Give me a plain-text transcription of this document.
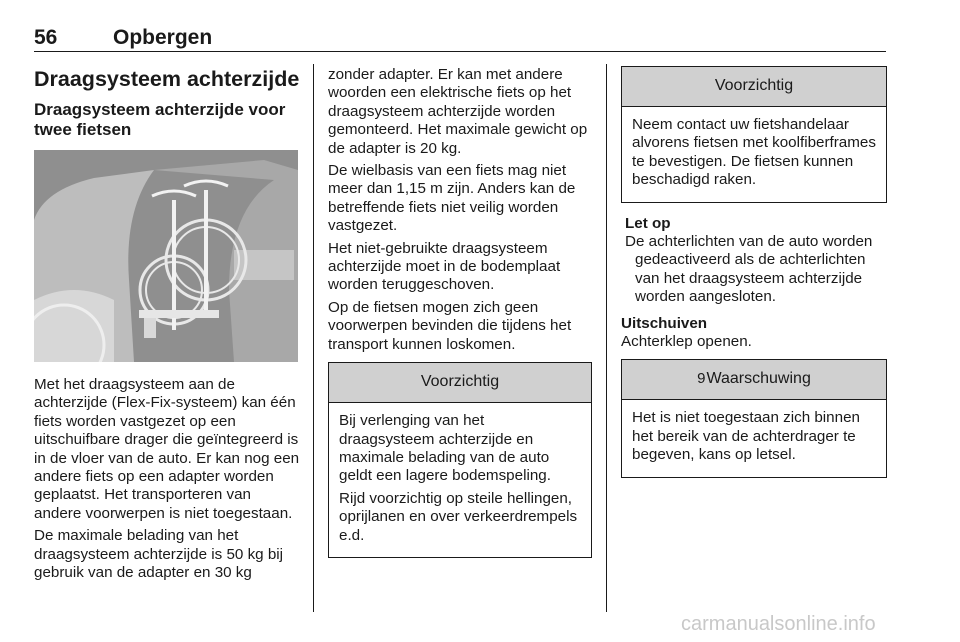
56	Opbergen
Draagsysteem achterzijde
Draagsysteem achterzijde voor
twee fietsen

Met het draagsysteem aan de achterzijde (Flex-Fix-systeem) kan één fiets worden vastgezet op een uitschuifbare drager die geïntegreerd is in de vloer van de auto. Er kan nog een andere fiets op een adapter worden geplaatst. Het transporteren van andere voorwerpen is niet toegestaan.

De maximale belading van het draagsysteem achterzijde is 50 kg bij gebruik van de adapter en 30 kg

zonder adapter. Er kan met andere woorden een elektrische fiets op het draagsysteem achterzijde worden gemonteerd. Het maximale gewicht op de adapter is 20 kg.

De wielbasis van een fiets mag niet meer dan 1,15 m zijn. Anders kan de betreffende fiets niet veilig worden vastgezet.

Het niet-gebruikte draagsysteem achterzijde moet in de bodemplaat worden teruggeschoven.

Op de fietsen mogen zich geen voorwerpen bevinden die tijdens het transport kunnen loskomen.

Voorzichtig

Bij verlenging van het draagsysteem achterzijde en maximale belading van de auto geldt een lagere bodemspeling.

Rijd voorzichtig op steile hellingen, oprijlanen en over verkeerdrempels e.d.

Voorzichtig

Neem contact uw fietshandelaar alvorens fietsen met koolfiberframes te bevestigen. De fietsen kunnen beschadigd raken.

Let op
De achterlichten van de auto worden
gedeactiveerd als de achterlichten van het draagsysteem achterzijde worden aangesloten.
Uitschuiven

Achterklep openen.

9Waarschuwing

Het is niet toegestaan zich binnen het bereik van de achterdrager te begeven, kans op letsel.

carmanualsonline.info
